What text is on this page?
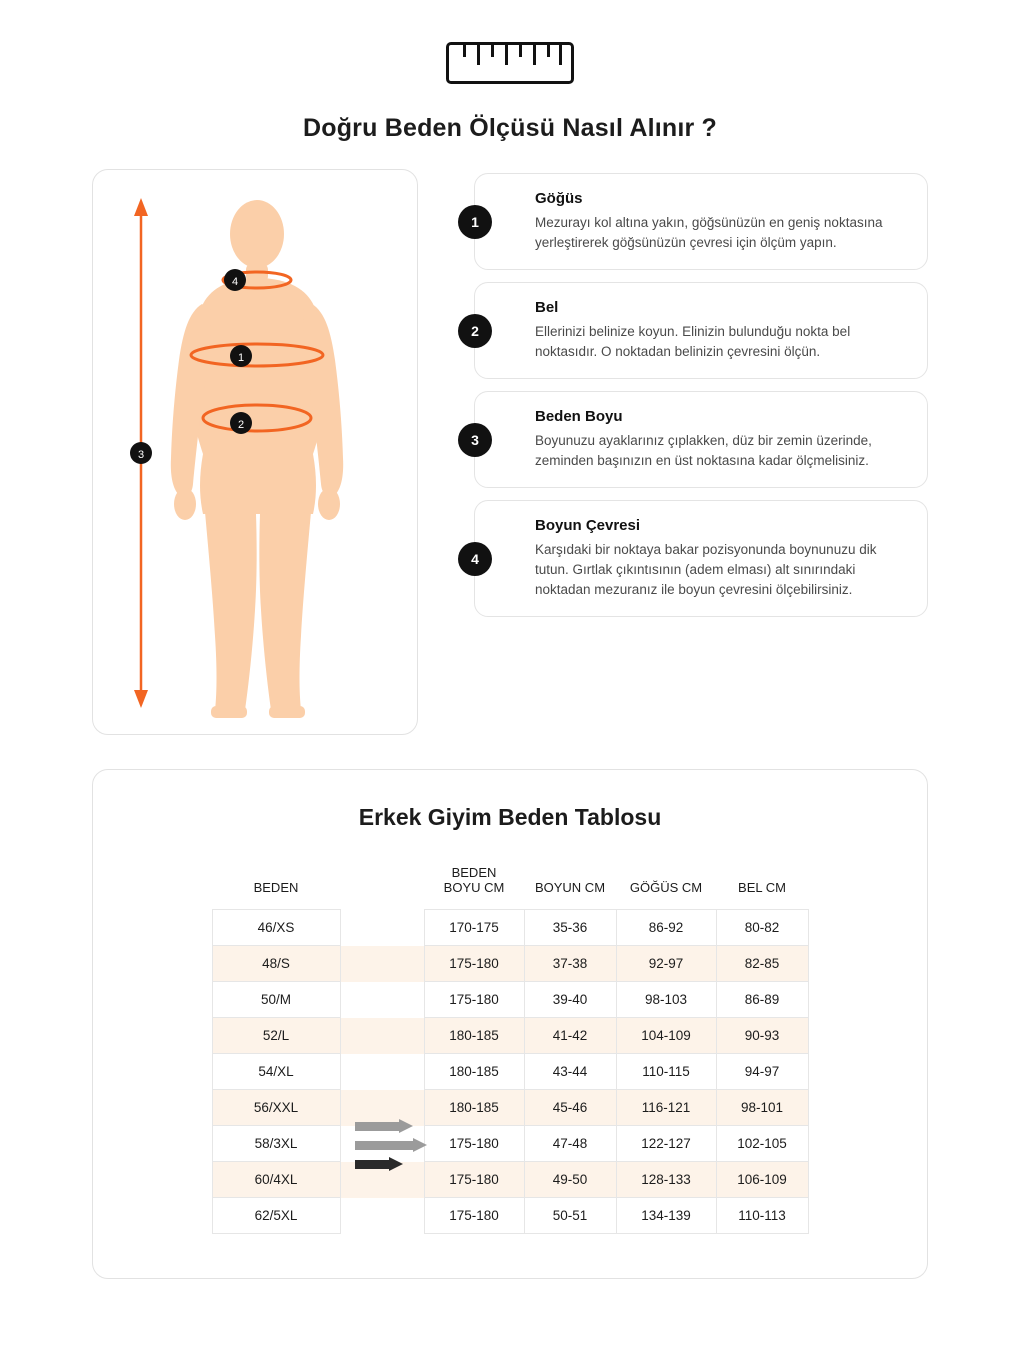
Doğru Beden Ölçüsü Nasıl Alınır ?
3
4
1
2
1
Göğüs

Mezurayı kol altına yakın, göğsünüzün en geniş noktasına yerleştirerek göğsünüzün çevresi için ölçüm yapın.

2
Bel

Ellerinizi belinize koyun. Elinizin bulunduğu nokta bel noktasıdır. O noktadan belinizin çevresini ölçün.

3
Beden Boyu

Boyunuzu ayaklarınız çıplakken, düz bir zemin üzerinde, zeminden başınızın en üst noktasına kadar ölçmelisiniz.

4
Boyun Çevresi

Karşıdaki bir noktaya bakar pozisyonunda boynunuzu dik tutun. Gırtlak çıkıntısının (adem elması) alt sınırındaki noktadan mezuranız ile boyun çevresini ölçebilirsiniz.

Erkek Giyim Beden Tablosu
BEDEN		BEDEN BOYU CM	BOYUN CM	GÖĞÜS CM	BEL CM
46/XS		170-175	35-36	86-92	80-82
48/S		175-180	37-38	92-97	82-85
50/M		175-180	39-40	98-103	86-89
52/L		180-185	41-42	104-109	90-93
54/XL		180-185	43-44	110-115	94-97
56/XXL		180-185	45-46	116-121	98-101
58/3XL		175-180	47-48	122-127	102-105
60/4XL		175-180	49-50	128-133	106-109
62/5XL		175-180	50-51	134-139	110-113
